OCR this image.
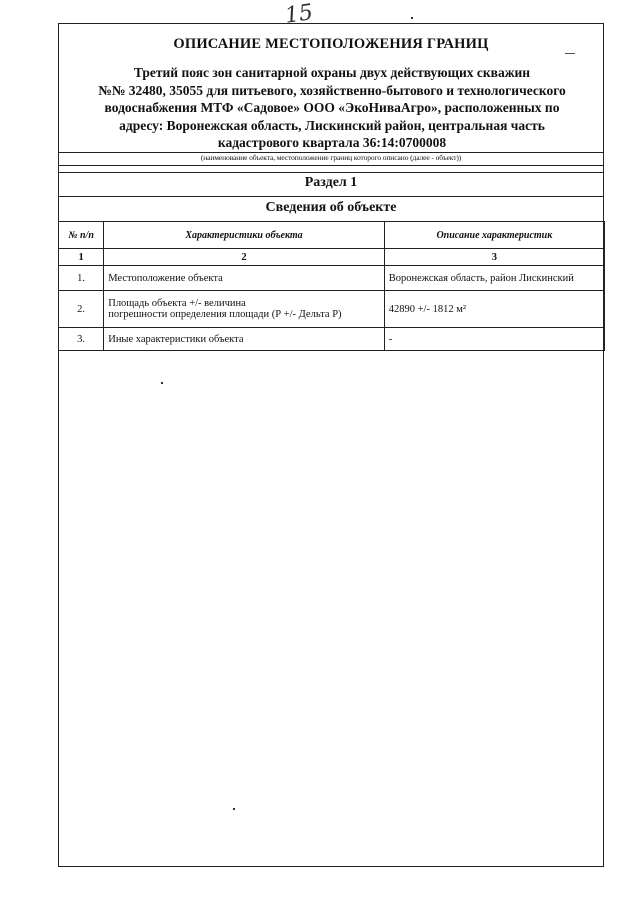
15
ОПИСАНИЕ МЕСТОПОЛОЖЕНИЯ ГРАНИЦ
Третий пояс зон санитарной охраны двух действующих скважин
№№ 32480, 35055 для питьевого, хозяйственно-бытового и технологического
водоснабжения МТФ «Садовое» ООО «ЭкоНиваАгро», расположенных по
адресу: Воронежская область, Лискинский район, центральная часть
кадастрового квартала 36:14:0700008
(наименование объекта, местоположение границ которого описано (далее - объект))
Раздел 1
Сведения об объекте
№ п/п	Характеристики объекта	Описание характеристик
1	2	3
1.	Местоположение объекта	Воронежская область, район Лискинский
2.	Площадь объекта +/- величина
погрешности определения площади (Р +/- Дельта Р)	42890 +/- 1812 м²
3.	Иные характеристики объекта	-
